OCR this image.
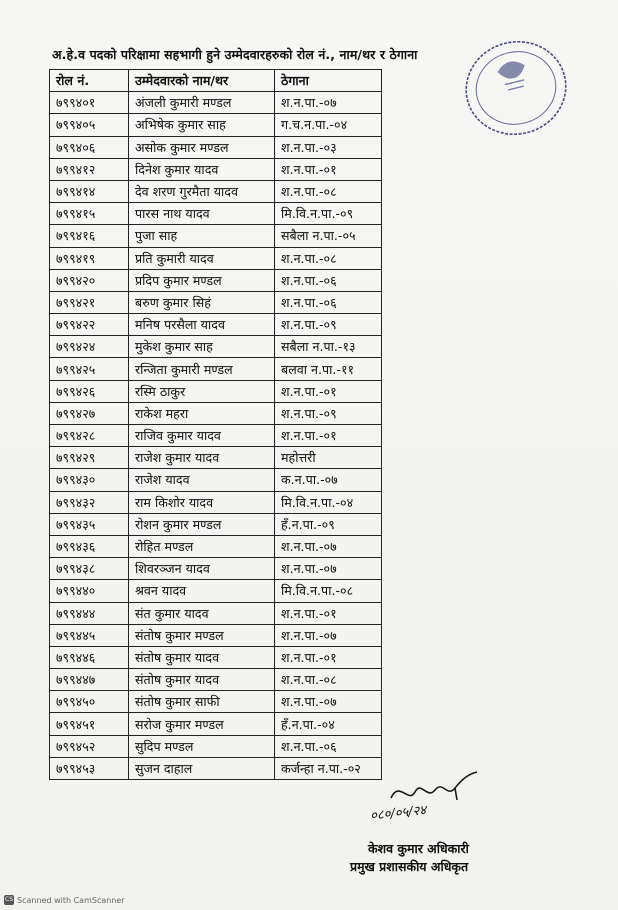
अ.हे.व पदको परिक्षामा सहभागी हुने उम्मेदवारहरुको रोल नं., नाम/थर र ठेगाना
रोल नं.	उम्मेदवारको नाम/थर	ठेगाना
७९९४०१	अंजली कुमारी मण्डल	श.न.पा.-०७
७९९४०५	अभिषेक कुमार साह	ग.च.न.पा.-०४
७९९४०६	असोक कुमार मण्डल	श.न.पा.-०३
७९९४१२	दिनेश कुमार यादव	श.न.पा.-०१
७९९४१४	देव शरण गुरमैता यादव	श.न.पा.-०८
७९९४१५	पारस नाथ यादव	मि.वि.न.पा.-०९
७९९४१६	पुजा साह	सबैला न.पा.-०५
७९९४१९	प्रति कुमारी यादव	श.न.पा.-०८
७९९४२०	प्रदिप कुमार मण्डल	श.न.पा.-०६
७९९४२१	बरुण कुमार सिहं	श.न.पा.-०६
७९९४२२	मनिष परसैला यादव	श.न.पा.-०९
७९९४२४	मुकेश कुमार साह	सबैला न.पा.-१३
७९९४२५	रन्जिता कुमारी मण्डल	बलवा न.पा.-११
७९९४२६	रस्मि ठाकुर	श.न.पा.-०१
७९९४२७	राकेश महरा	श.न.पा.-०९
७९९४२८	राजिव कुमार यादव	श.न.पा.-०१
७९९४२९	राजेश कुमार यादव	महोत्तरी
७९९४३०	राजेश यादव	क.न.पा.-०७
७९९४३२	राम किशोर यादव	मि.वि.न.पा.-०४
७९९४३५	रोशन कुमार मण्डल	हँ.न.पा.-०९
७९९४३६	रोहित मण्डल	श.न.पा.-०७
७९९४३८	शिवरञ्जन यादव	श.न.पा.-०७
७९९४४०	श्रवन यादव	मि.वि.न.पा.-०८
७९९४४४	संत कुमार यादव	श.न.पा.-०१
७९९४४५	संतोष कुमार मण्डल	श.न.पा.-०७
७९९४४६	संतोष कुमार यादव	श.न.पा.-०१
७९९४४७	संतोष कुमार यादव	श.न.पा.-०८
७९९४५०	संतोष कुमार साफी	श.न.पा.-०७
७९९४५१	सरोज कुमार मण्डल	हँ.न.पा.-०४
७९९४५२	सुदिप मण्डल	श.न.पा.-०६
७९९४५३	सुजन दाहाल	कर्जन्हा न.पा.-०२
०८०/०५/२४
केशव कुमार अधिकारी
प्रमुख प्रशासकीय अधिकृत
CS Scanned with CamScanner
